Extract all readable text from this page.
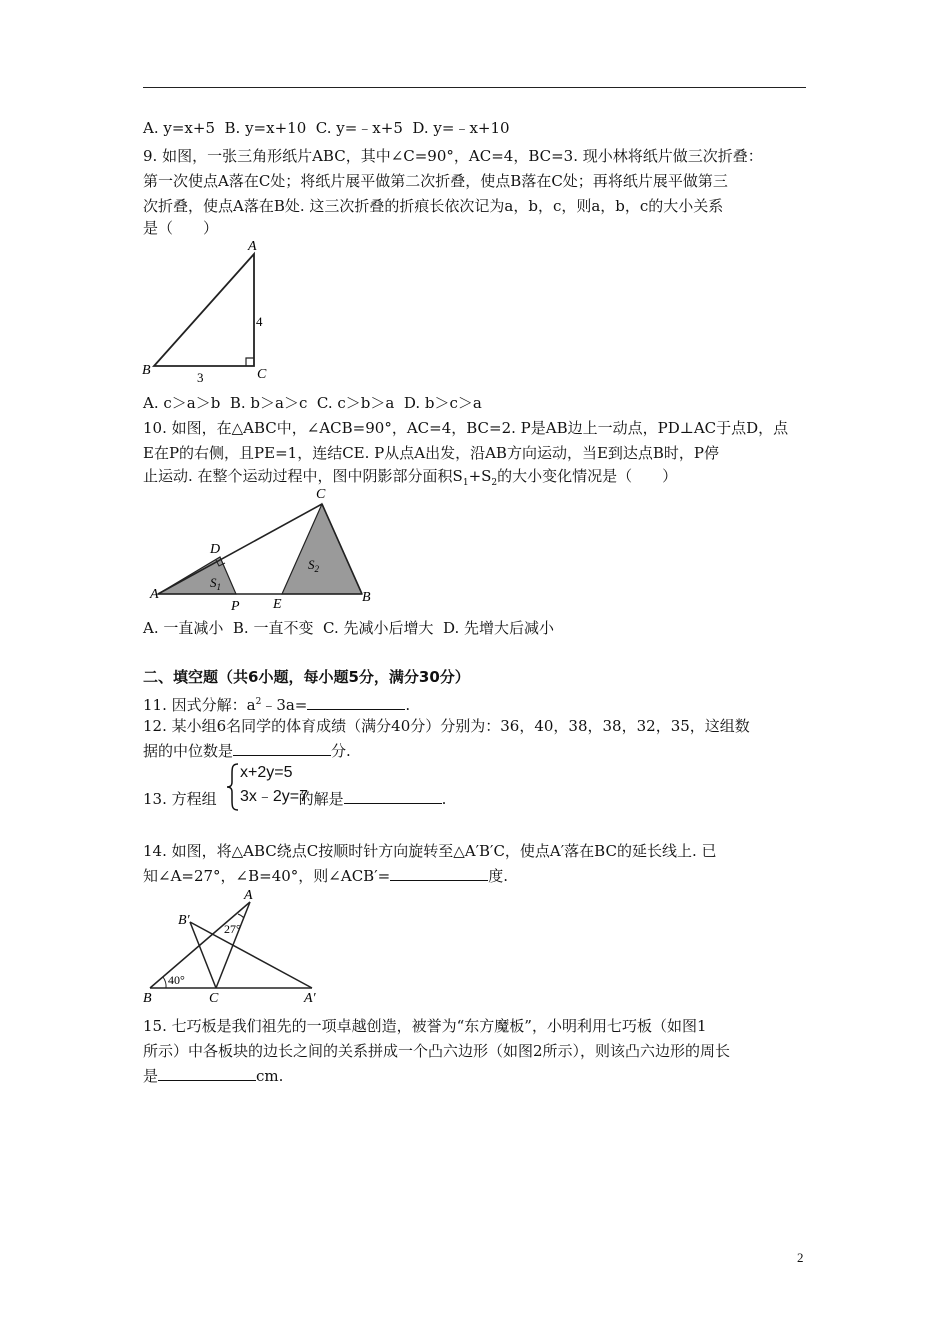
A. y=x+5  B. y=x+10  C. y=﹣x+5  D. y=﹣x+10
9. 如图，一张三角形纸片ABC，其中∠C=90°，AC=4，BC=3. 现小林将纸片做三次折叠：
第一次使点A落在C处；将纸片展平做第二次折叠，使点B落在C处；再将纸片展平做第三
次折叠，使点A落在B处. 这三次折叠的折痕长依次记为a，b，c，则a，b，c的大小关系
是（　　）
A
B	C
4
3
A. c＞a＞b  B. b＞a＞c  C. c＞b＞a  D. b＞c＞a
10. 如图，在△ABC中，∠ACB=90°，AC=4，BC=2. P是AB边上一动点，PD⊥AC于点D，点
E在P的右侧，且PE=1，连结CE. P从点A出发，沿AB方向运动，当E到达点B时，P停
止运动. 在整个运动过程中，图中阴影部分面积$S_1+S_2$的大小变化情况是（　　）
A	B
C
D
P E
$S_1$
$S_2$
A. 一直减小  B. 一直不变  C. 先减小后增大  D. 先增大后减小
二、填空题（共6小题，每小题5分，满分30分）
11. 因式分解：$a^2﹣3a=$	.
12. 某小组6名同学的体育成绩（满分40分）分别为：36，40，38，38，32，35，这组数
据的中位数是	分.
x+2y=5
3x﹣2y=7
13. 方程组	的解是	.
14. 如图，将△ABC绕点C按顺时针方向旋转至△A′B′C，使点A′落在BC的延长线上. 已
知∠A=27°，∠B=40°，则∠ACB′=	度.
A
B′
B	C	A′
27°
40°
15. 七巧板是我们祖先的一项卓越创造，被誉为“东方魔板”，小明利用七巧板（如图1
所示）中各板块的边长之间的关系拼成一个凸六边形（如图2所示），则该凸六边形的周长
是	cm.
2
